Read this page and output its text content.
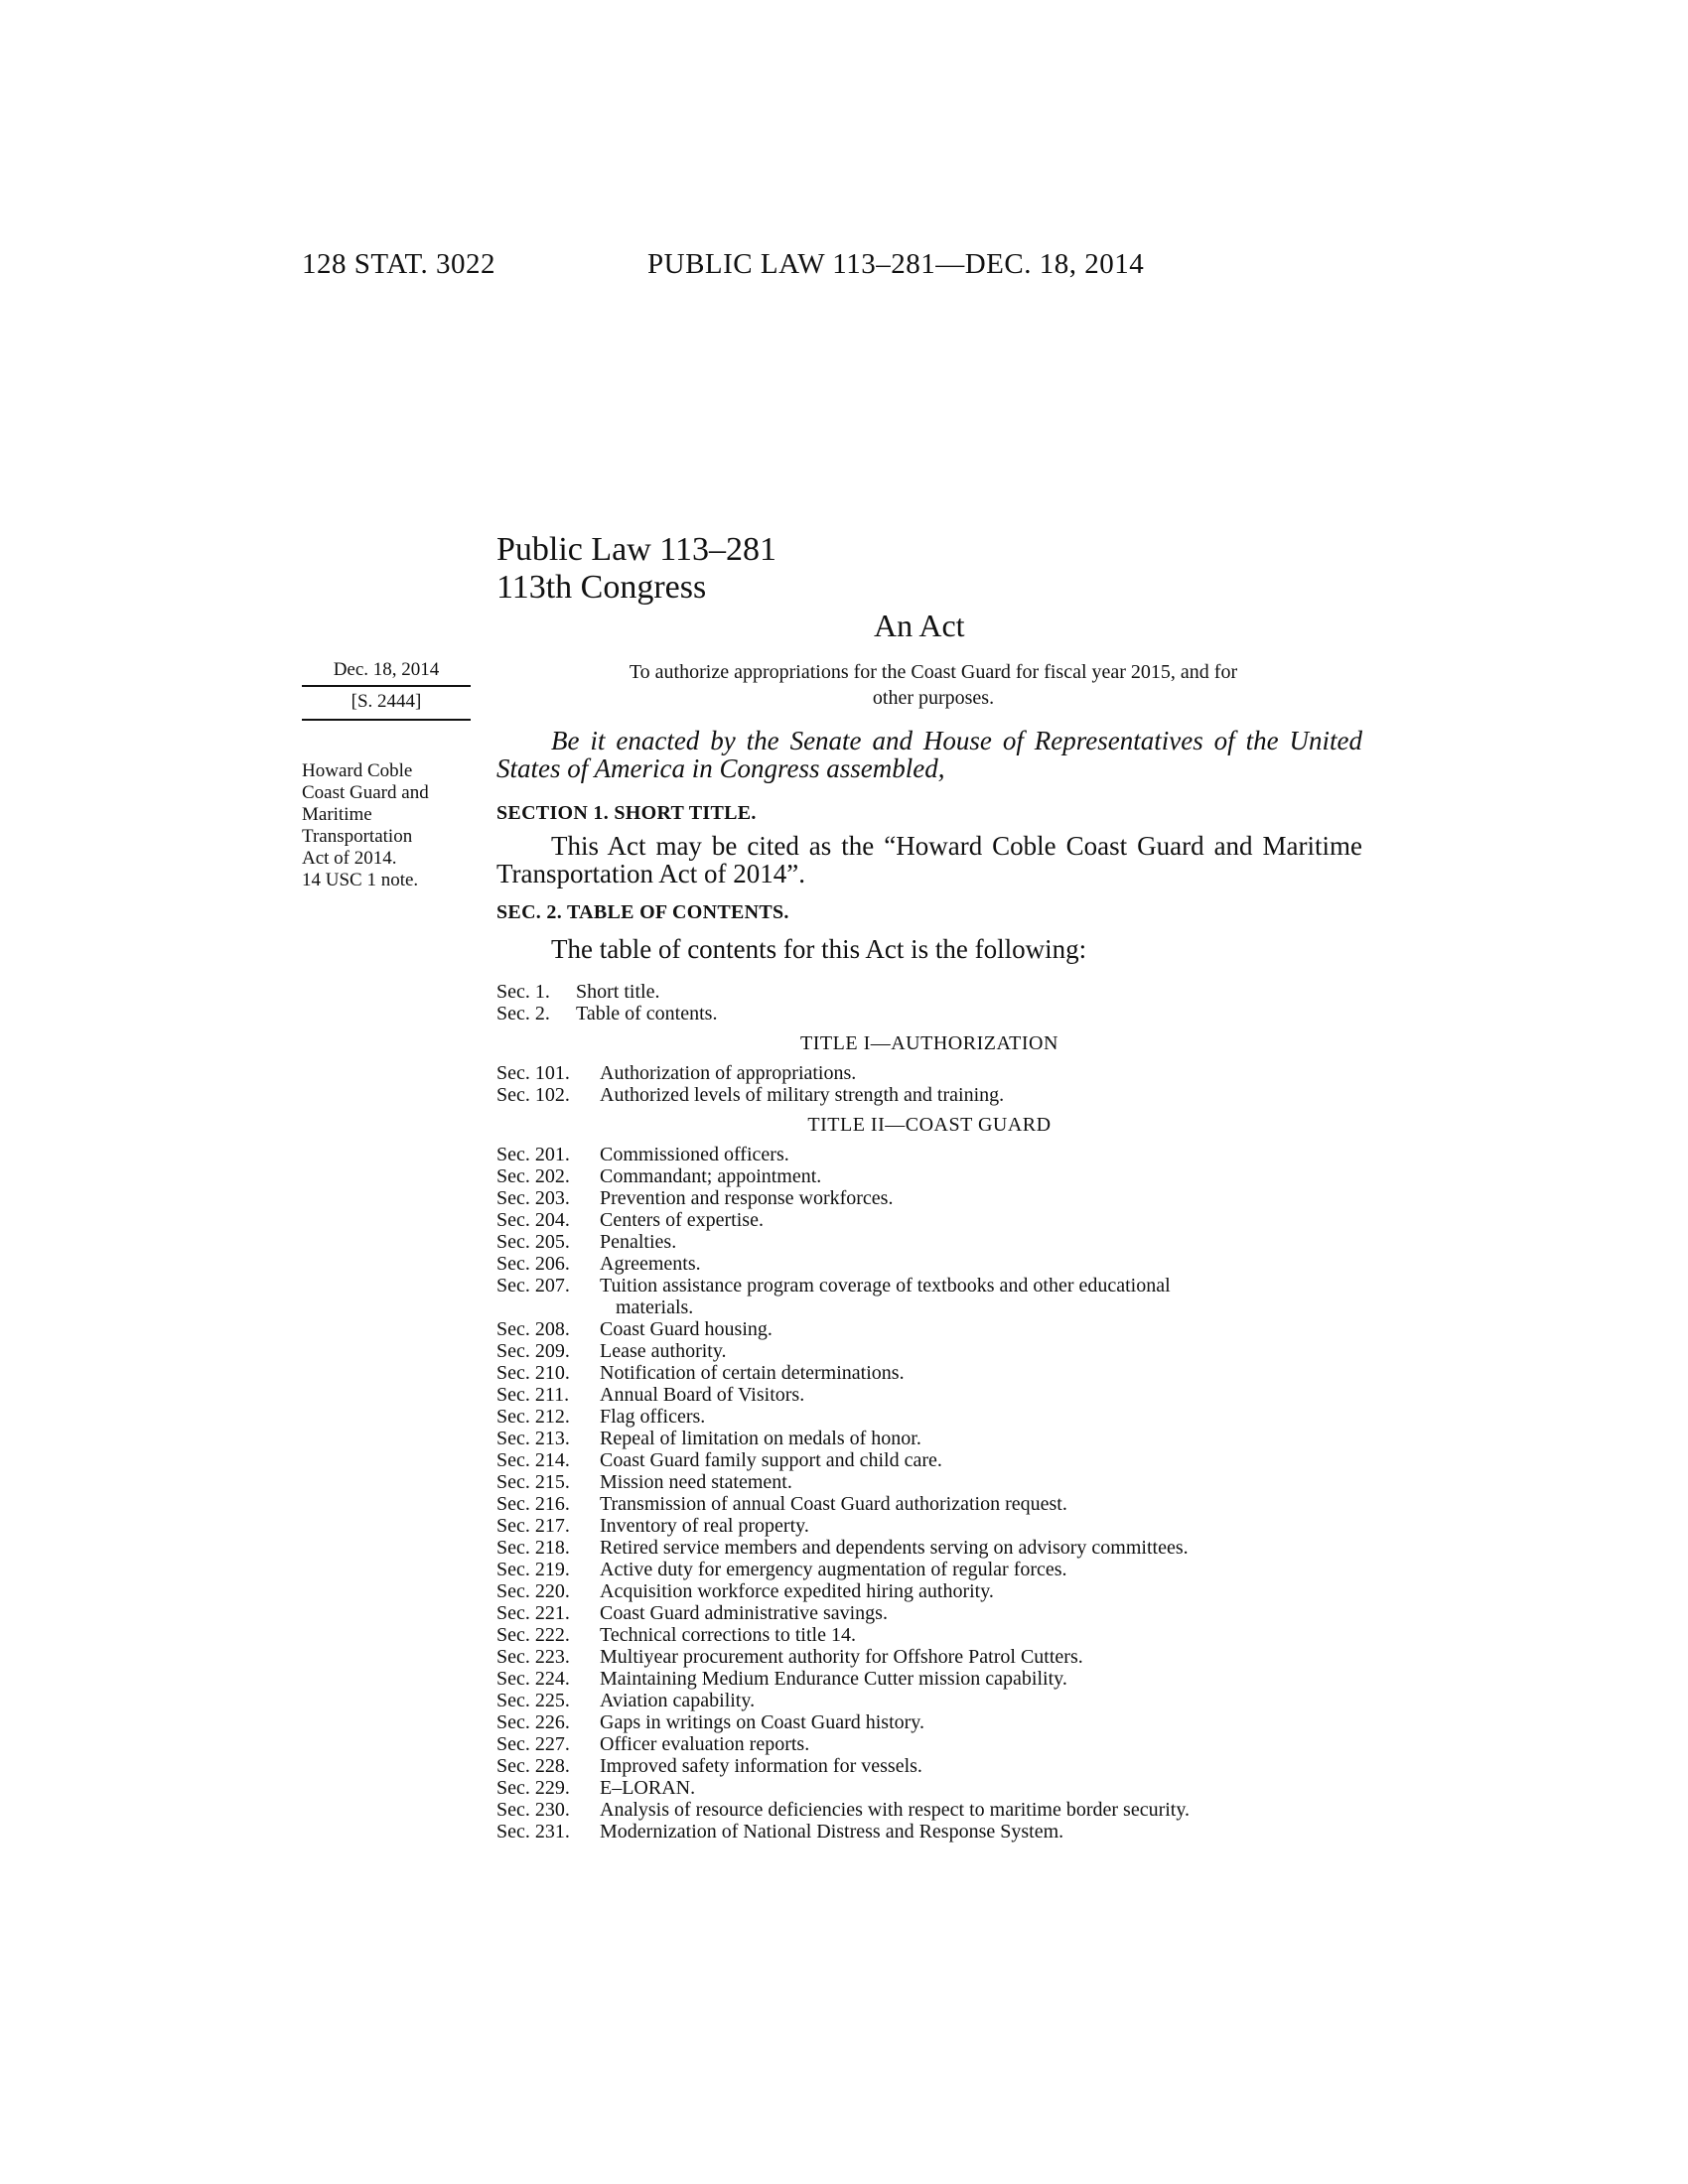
128 STAT. 3022	PUBLIC LAW 113–281—DEC. 18, 2014
Public Law 113–281
113th Congress
An Act
Dec. 18, 2014
[S. 2444]
To authorize appropriations for the Coast Guard for fiscal year 2015, and for
other purposes.
Howard Coble
Coast Guard and
Maritime
Transportation
Act of 2014.
14 USC 1 note.
Be it enacted by the Senate and House of Representatives of the United States of America in Congress assembled,
SECTION 1. SHORT TITLE.
This Act may be cited as the “Howard Coble Coast Guard and Maritime Transportation Act of 2014”.
SEC. 2. TABLE OF CONTENTS.
The table of contents for this Act is the following:
Sec. 1.	Short title.
Sec. 2.	Table of contents.
TITLE I—AUTHORIZATION
Sec. 101.	Authorization of appropriations.
Sec. 102.	Authorized levels of military strength and training.
TITLE II—COAST GUARD
Sec. 201.	Commissioned officers.
Sec. 202.	Commandant; appointment.
Sec. 203.	Prevention and response workforces.
Sec. 204.	Centers of expertise.
Sec. 205.	Penalties.
Sec. 206.	Agreements.
Sec. 207.	Tuition assistance program coverage of textbooks and other educational
materials.
Sec. 208.	Coast Guard housing.
Sec. 209.	Lease authority.
Sec. 210.	Notification of certain determinations.
Sec. 211.	Annual Board of Visitors.
Sec. 212.	Flag officers.
Sec. 213.	Repeal of limitation on medals of honor.
Sec. 214.	Coast Guard family support and child care.
Sec. 215.	Mission need statement.
Sec. 216.	Transmission of annual Coast Guard authorization request.
Sec. 217.	Inventory of real property.
Sec. 218.	Retired service members and dependents serving on advisory committees.
Sec. 219.	Active duty for emergency augmentation of regular forces.
Sec. 220.	Acquisition workforce expedited hiring authority.
Sec. 221.	Coast Guard administrative savings.
Sec. 222.	Technical corrections to title 14.
Sec. 223.	Multiyear procurement authority for Offshore Patrol Cutters.
Sec. 224.	Maintaining Medium Endurance Cutter mission capability.
Sec. 225.	Aviation capability.
Sec. 226.	Gaps in writings on Coast Guard history.
Sec. 227.	Officer evaluation reports.
Sec. 228.	Improved safety information for vessels.
Sec. 229.	E–LORAN.
Sec. 230.	Analysis of resource deficiencies with respect to maritime border security.
Sec. 231.	Modernization of National Distress and Response System.
